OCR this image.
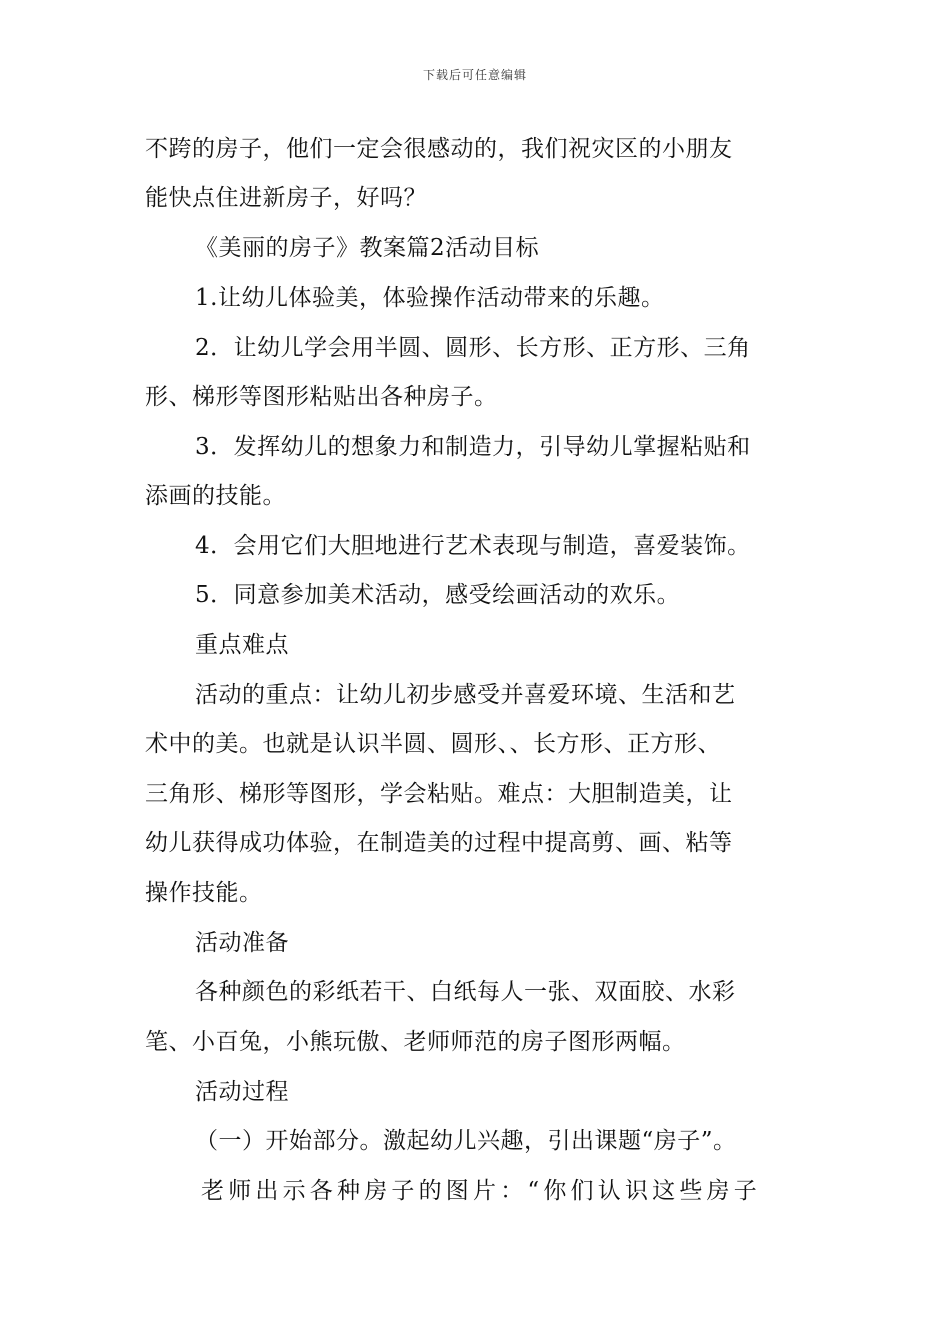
下载后可任意编辑
不跨的房子，他们一定会很感动的，我们祝灾区的小朋友
能快点住进新房子，好吗？
《美丽的房子》教案篇2活动目标
1.让幼儿体验美，体验操作活动带来的乐趣。
2．让幼儿学会用半圆、圆形、长方形、正方形、三角
形、梯形等图形粘贴出各种房子。
3．发挥幼儿的想象力和制造力，引导幼儿掌握粘贴和
添画的技能。
4．会用它们大胆地进行艺术表现与制造，喜爱装饰。
5．同意参加美术活动，感受绘画活动的欢乐。
重点难点
活动的重点：让幼儿初步感受并喜爱环境、生活和艺
术中的美。也就是认识半圆、圆形、、长方形、正方形、
三角形、梯形等图形，学会粘贴。难点：大胆制造美，让
幼儿获得成功体验，在制造美的过程中提高剪、画、粘等
操作技能。
活动准备
各种颜色的彩纸若干、白纸每人一张、双面胶、水彩
笔、小百兔，小熊玩傲、老师师范的房子图形两幅。
活动过程
（一）开始部分。激起幼儿兴趣，引出课题“房子”。
老师出示各种房子的图片：“你们认识这些房子
